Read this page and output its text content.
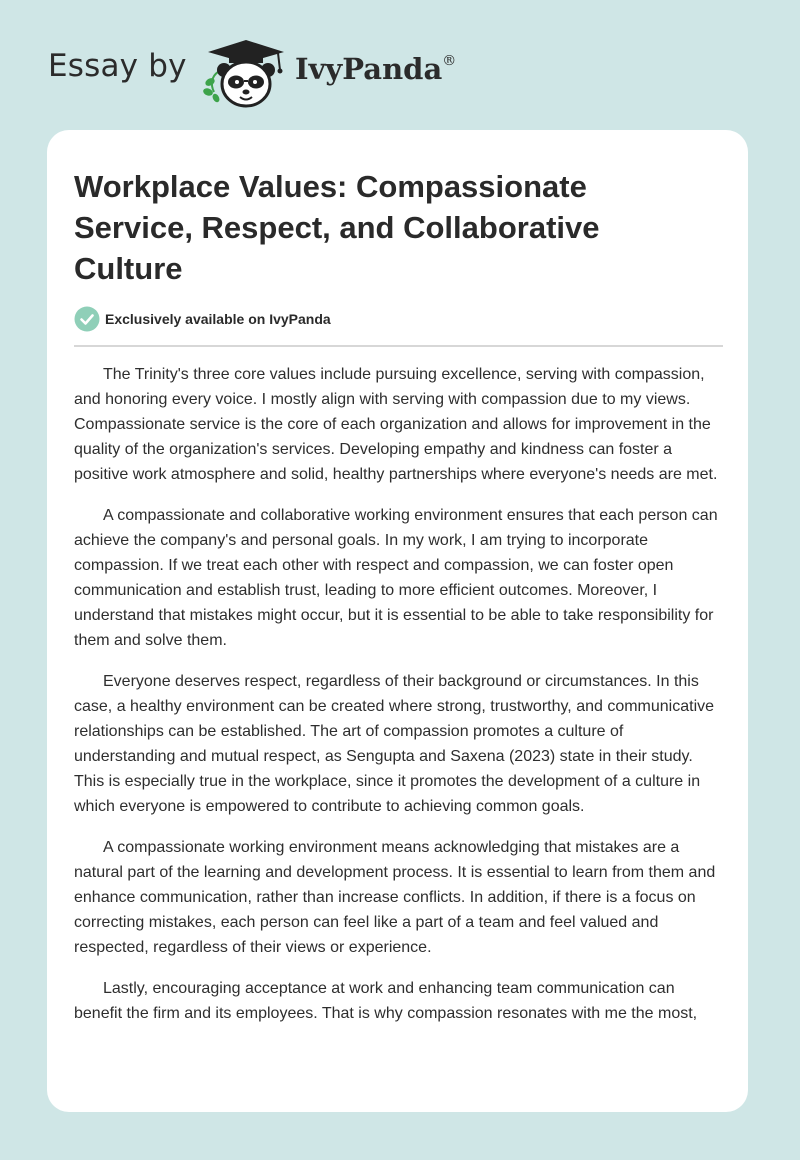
Essay by	IvyPanda®
Workplace Values: Compassionate Service, Respect, and Collaborative Culture
Exclusively available on IvyPanda

The Trinity's three core values include pursuing excellence, serving with compassion, and honoring every voice. I mostly align with serving with compassion due to my views. Compassionate service is the core of each organization and allows for improvement in the quality of the organization's services. Developing empathy and kindness can foster a positive work atmosphere and solid, healthy partnerships where everyone's needs are met.

A compassionate and collaborative working environment ensures that each person can achieve the company's and personal goals. In my work, I am trying to incorporate compassion. If we treat each other with respect and compassion, we can foster open communication and establish trust, leading to more efficient outcomes. Moreover, I understand that mistakes might occur, but it is essential to be able to take responsibility for them and solve them.

Everyone deserves respect, regardless of their background or circumstances. In this case, a healthy environment can be created where strong, trustworthy, and communicative relationships can be established. The art of compassion promotes a culture of understanding and mutual respect, as Sengupta and Saxena (2023) state in their study. This is especially true in the workplace, since it promotes the development of a culture in which everyone is empowered to contribute to achieving common goals.

A compassionate working environment means acknowledging that mistakes are a natural part of the learning and development process. It is essential to learn from them and enhance communication, rather than increase conflicts. In addition, if there is a focus on correcting mistakes, each person can feel like a part of a team and feel valued and respected, regardless of their views or experience.

Lastly, encouraging acceptance at work and enhancing team communication can benefit the firm and its employees. That is why compassion resonates with me the most,
